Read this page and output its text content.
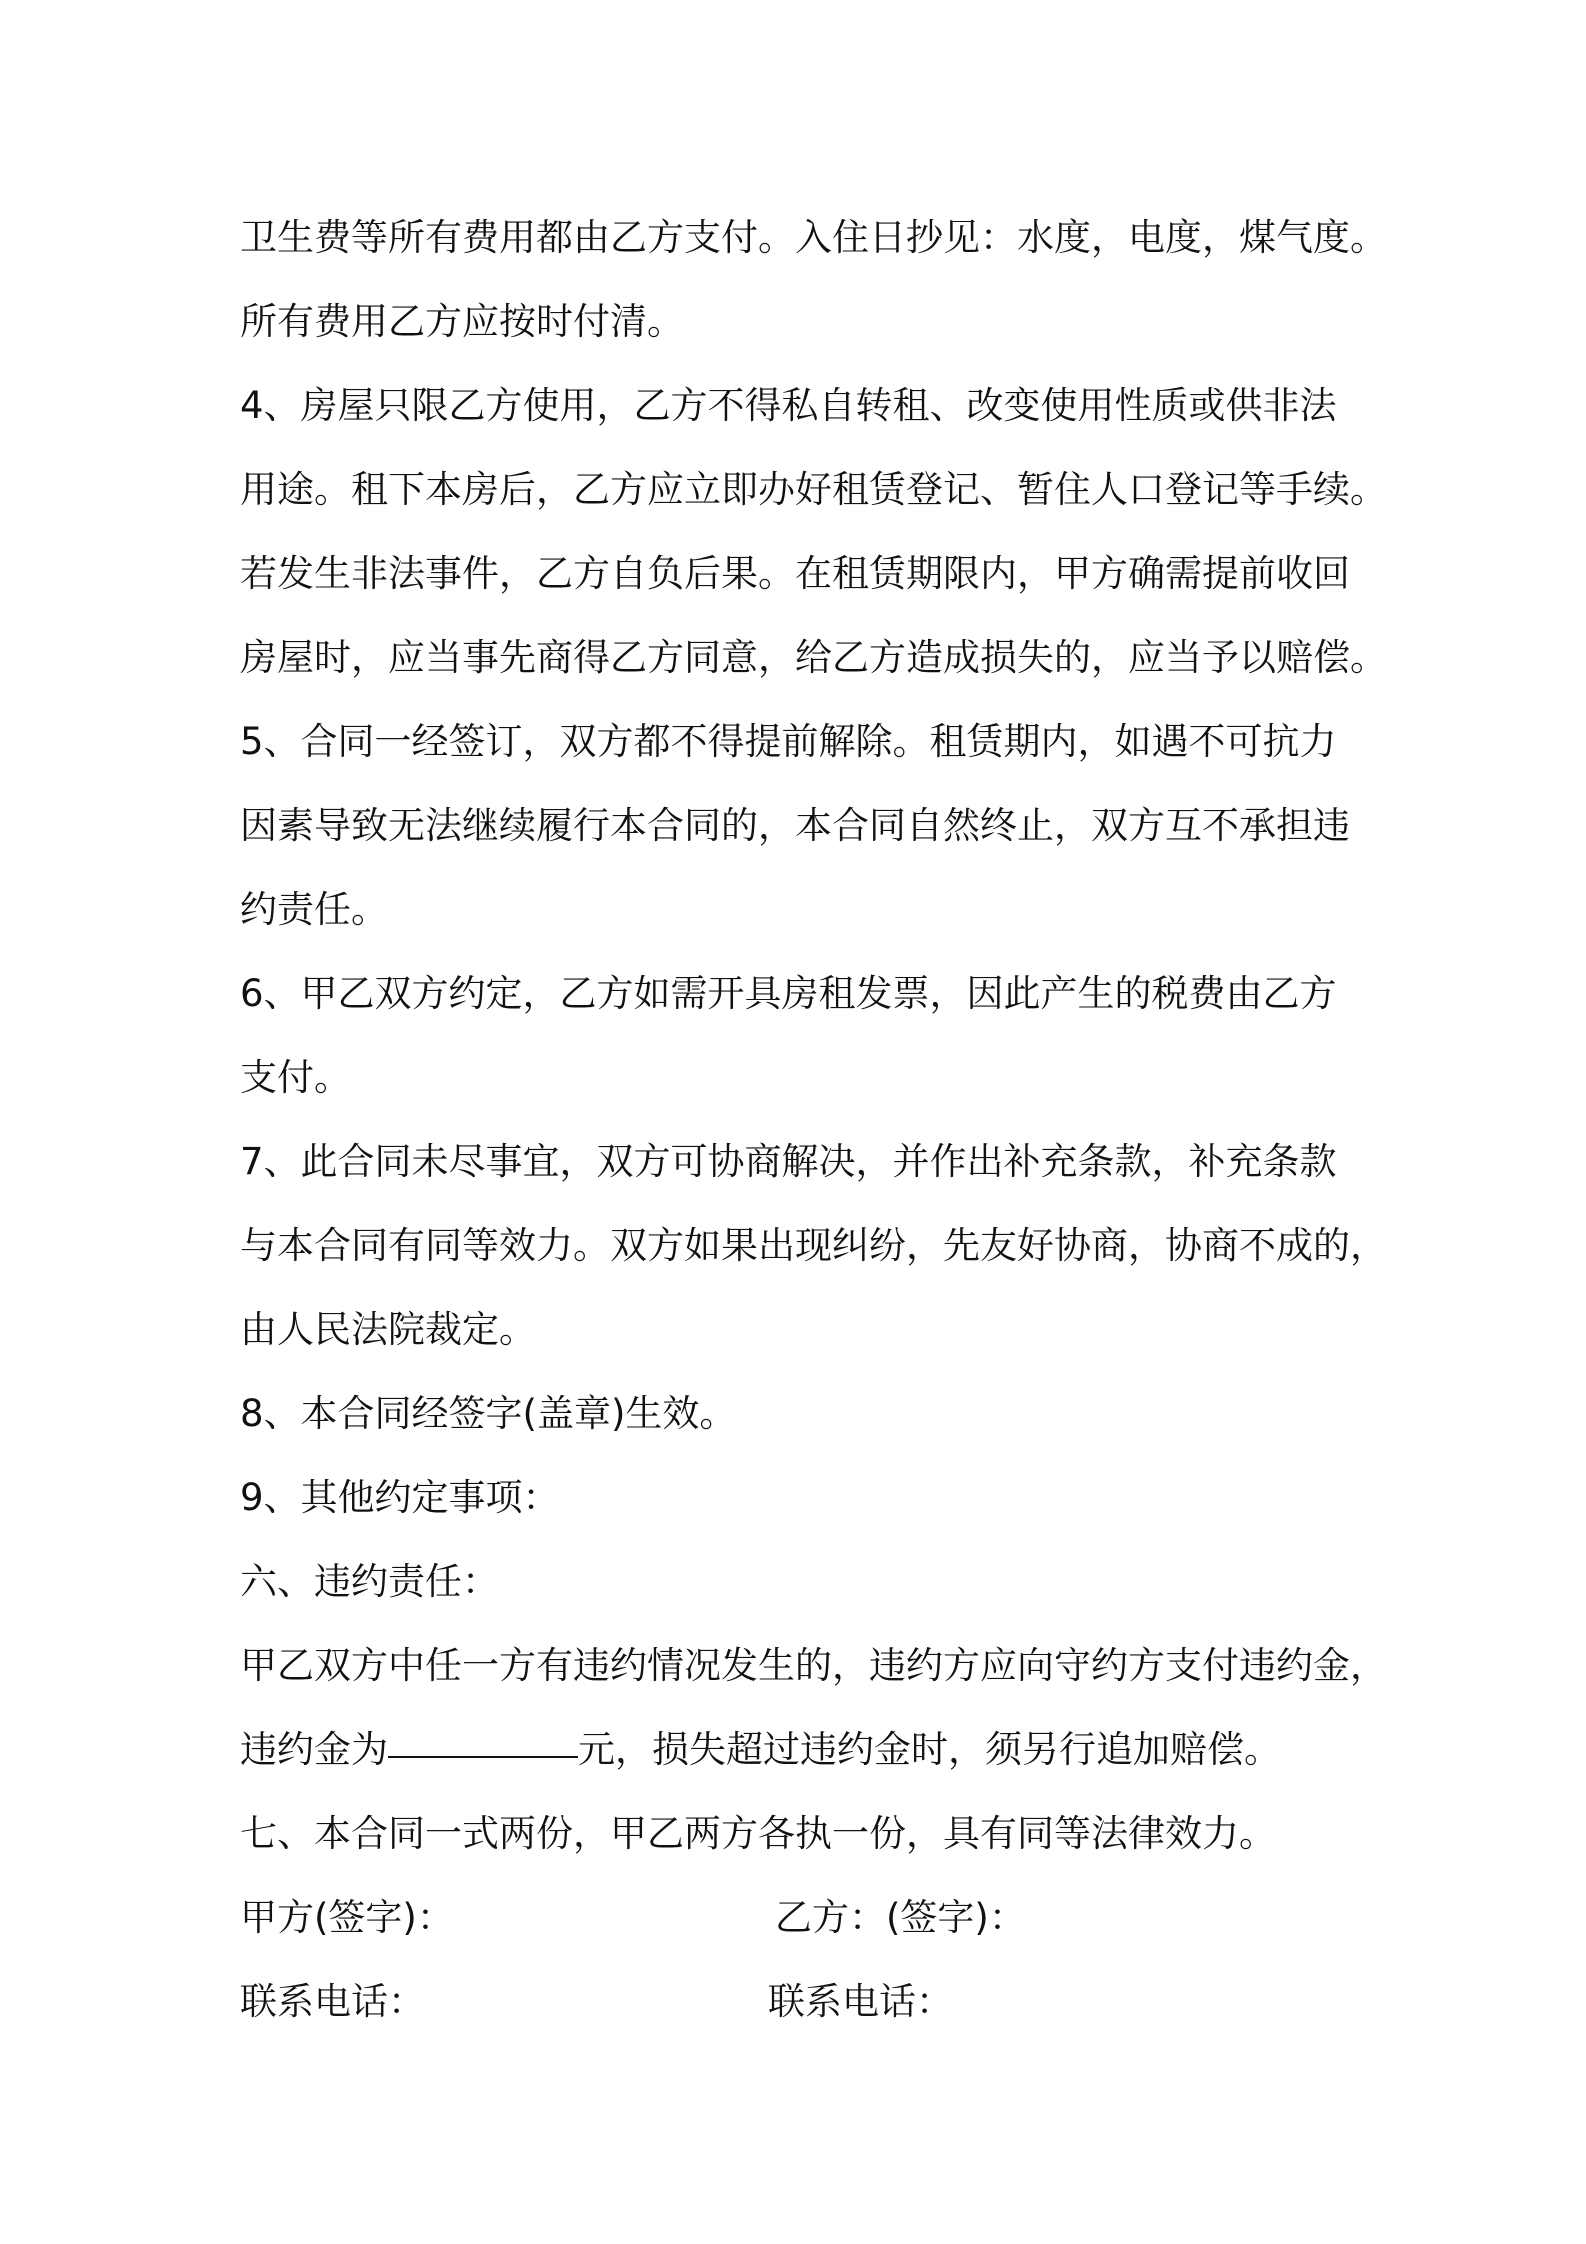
卫生费等所有费用都由乙方支付。入住日抄见：水度，电度，煤气度。
所有费用乙方应按时付清。
4、房屋只限乙方使用，乙方不得私自转租、改变使用性质或供非法
用途。租下本房后，乙方应立即办好租赁登记、暂住人口登记等手续。
若发生非法事件，乙方自负后果。在租赁期限内，甲方确需提前收回
房屋时，应当事先商得乙方同意，给乙方造成损失的，应当予以赔偿。
5、合同一经签订，双方都不得提前解除。租赁期内，如遇不可抗力
因素导致无法继续履行本合同的，本合同自然终止，双方互不承担违
约责任。
6、甲乙双方约定，乙方如需开具房租发票，因此产生的税费由乙方
支付。
7、此合同未尽事宜，双方可协商解决，并作出补充条款，补充条款
与本合同有同等效力。双方如果出现纠纷，先友好协商，协商不成的，
由人民法院裁定。
8、本合同经签字(盖章)生效。
9、其他约定事项：
六、违约责任：
甲乙双方中任一方有违约情况发生的，违约方应向守约方支付违约金，
违约金为	元，损失超过违约金时，须另行追加赔偿。
七、本合同一式两份，甲乙两方各执一份，具有同等法律效力。
甲方(签字)：	乙方：(签字)：
联系电话：	联系电话：
